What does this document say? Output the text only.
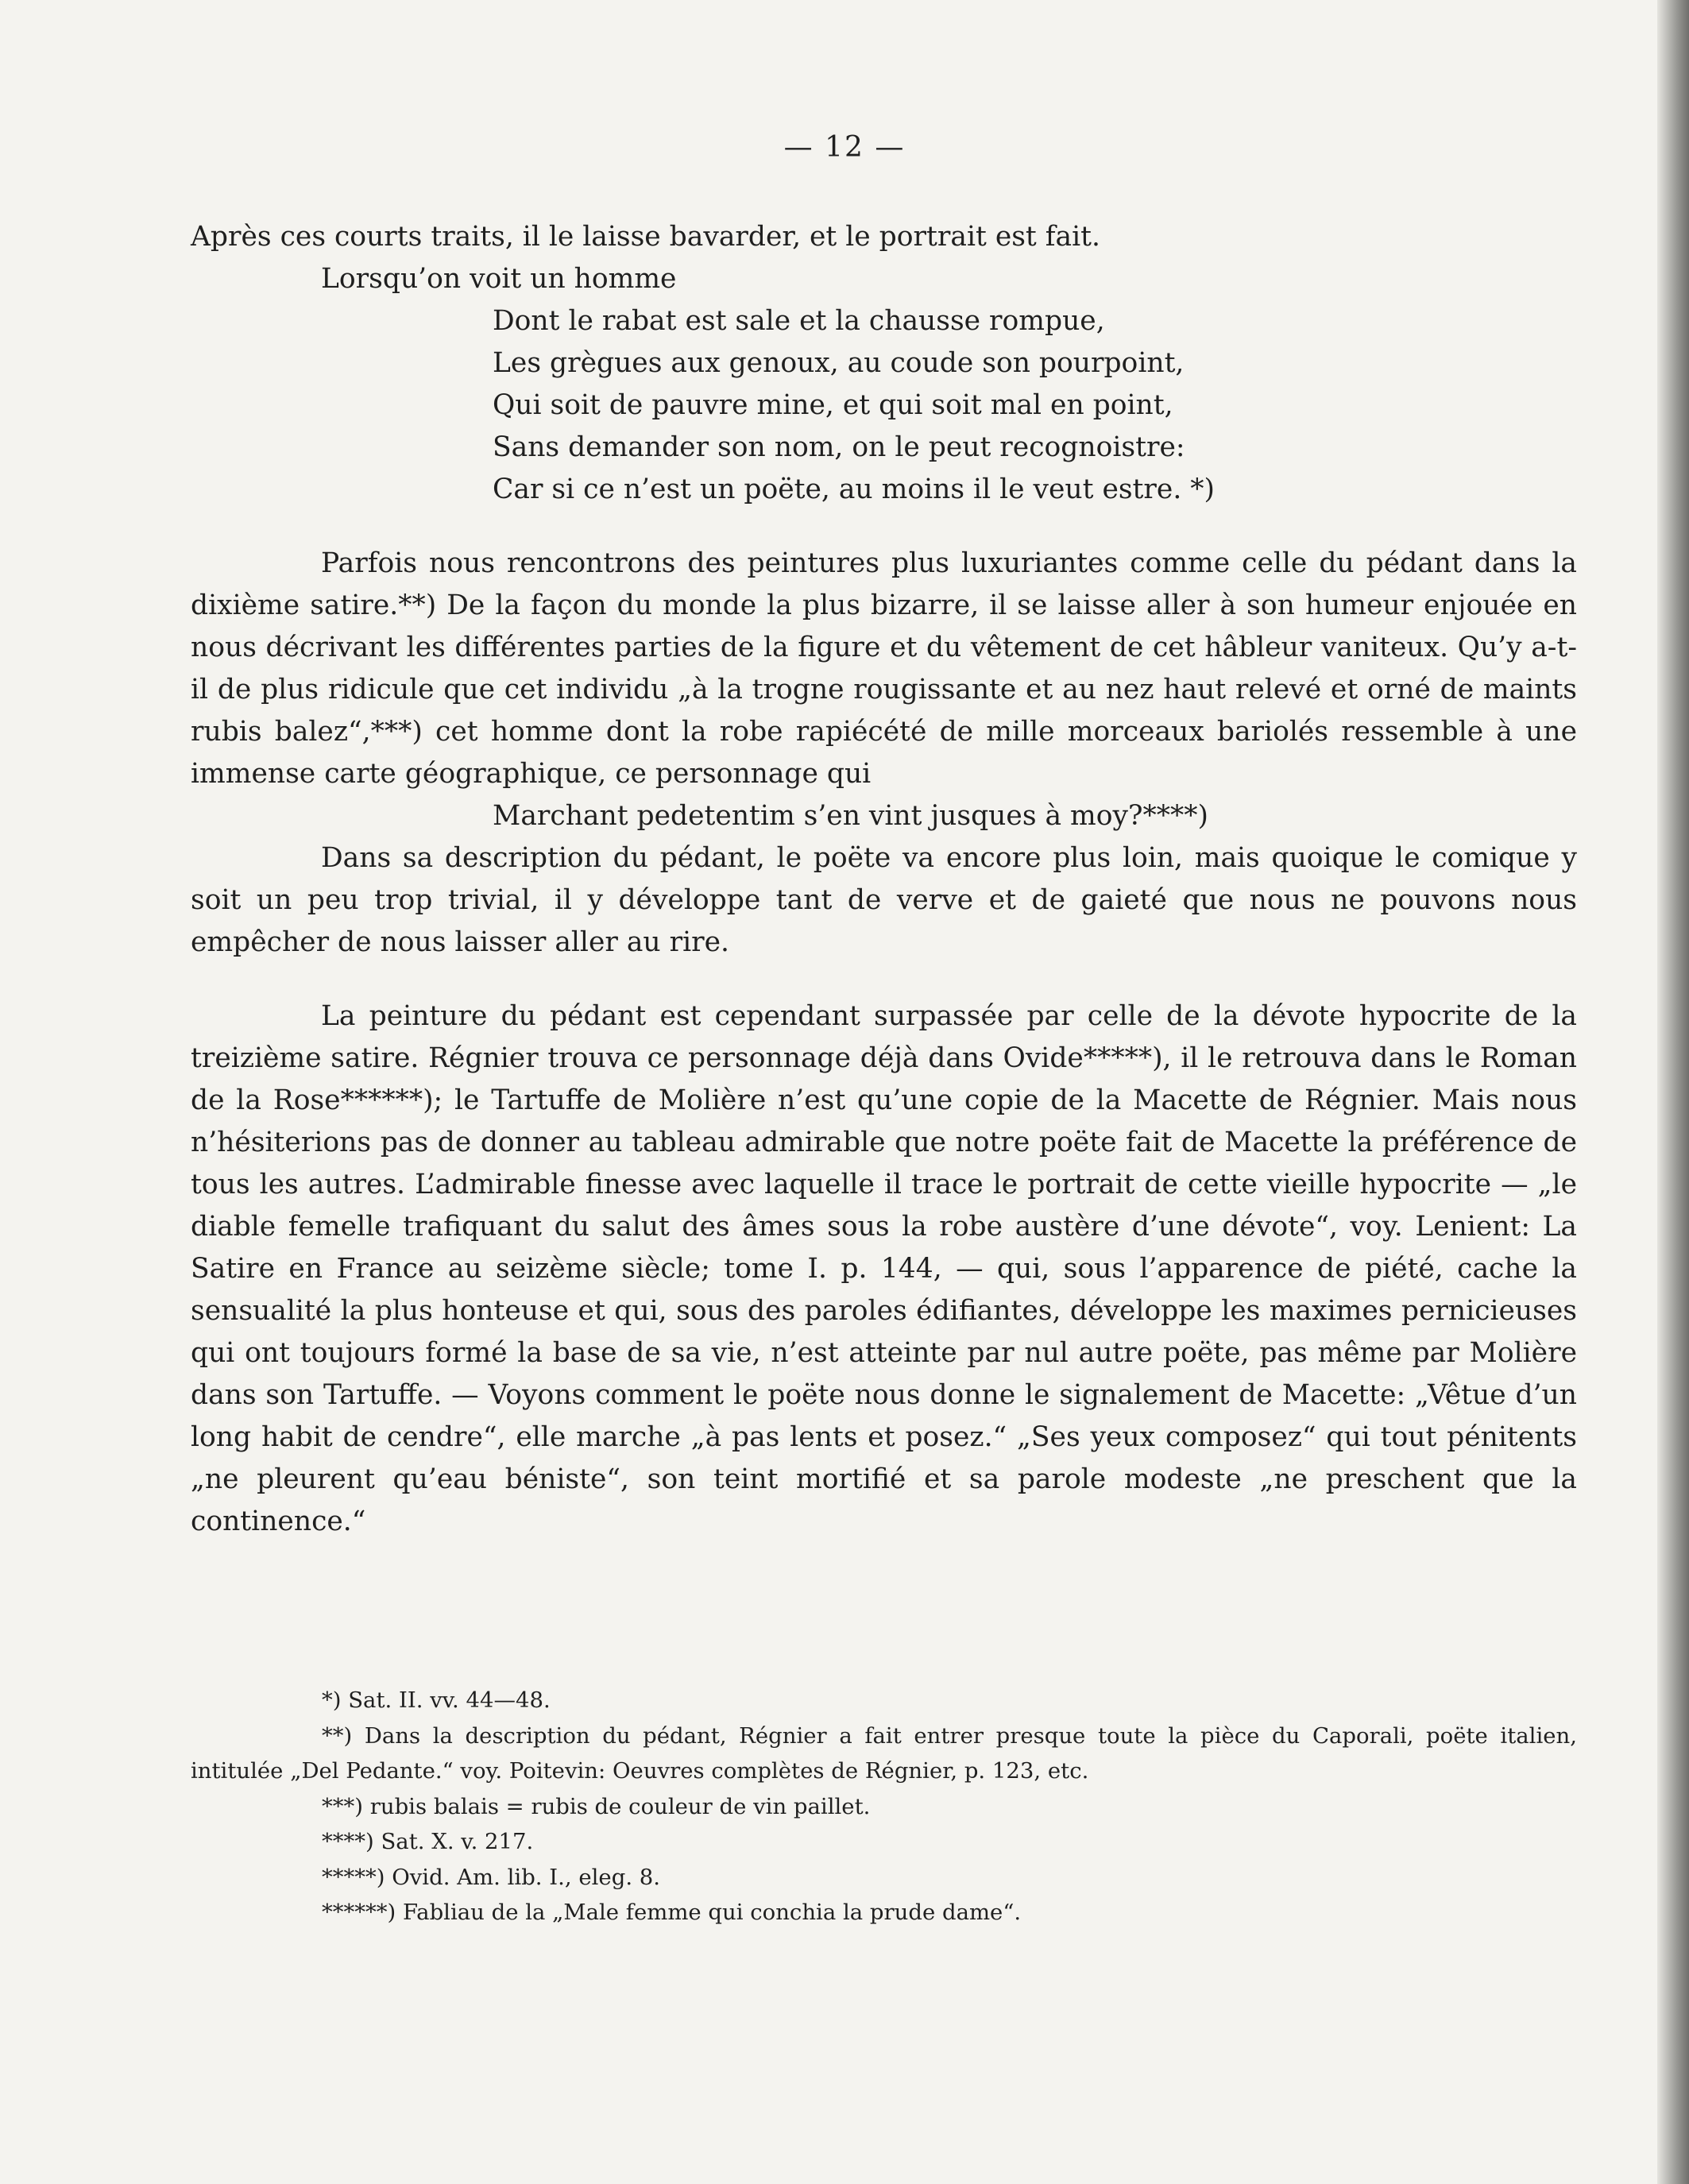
— 12 —

Après ces courts traits, il le laisse bavarder, et le portrait est fait.

Lorsqu’on voit un homme

Dont le rabat est sale et la chausse rompue,

Les grègues aux genoux, au coude son pourpoint,

Qui soit de pauvre mine, et qui soit mal en point,

Sans demander son nom, on le peut recognoistre:

Car si ce n’est un poëte, au moins il le veut estre. *)

Parfois nous rencontrons des peintures plus luxuriantes comme celle du pédant dans la dixième satire.**) De la façon du monde la plus bizarre, il se laisse aller à son humeur enjouée en nous décrivant les différentes parties de la figure et du vêtement de cet hâbleur vaniteux. Qu’y a-t-il de plus ridicule que cet individu „à la trogne rougissante et au nez haut relevé et orné de maints rubis balez“,***) cet homme dont la robe rapiécété de mille morceaux bariolés ressemble à une immense carte géographique, ce personnage qui

Marchant pedetentim s’en vint jusques à moy?****)

Dans sa description du pédant, le poëte va encore plus loin, mais quoique le comique y soit un peu trop trivial, il y développe tant de verve et de gaieté que nous ne pouvons nous empêcher de nous laisser aller au rire.

La peinture du pédant est cependant surpassée par celle de la dévote hypocrite de la treizième satire. Régnier trouva ce personnage déjà dans Ovide*****), il le retrouva dans le Roman de la Rose******); le Tartuffe de Molière n’est qu’une copie de la Macette de Régnier. Mais nous n’hésiterions pas de donner au tableau admirable que notre poëte fait de Macette la préférence de tous les autres. L’admirable finesse avec laquelle il trace le portrait de cette vieille hypocrite — „le diable femelle trafiquant du salut des âmes sous la robe austère d’une dévote“, voy. Lenient: La Satire en France au seizème siècle; tome I. p. 144, — qui, sous l’apparence de piété, cache la sensualité la plus honteuse et qui, sous des paroles édifiantes, développe les maximes pernicieuses qui ont toujours formé la base de sa vie, n’est atteinte par nul autre poëte, pas même par Molière dans son Tartuffe. — Voyons comment le poëte nous donne le signalement de Macette: „Vêtue d’un long habit de cendre“, elle marche „à pas lents et posez.“ „Ses yeux composez“ qui tout pénitents „ne pleurent qu’eau béniste“, son teint mortifié et sa parole modeste „ne preschent que la continence.“

*) Sat. II. vv. 44—48.

**) Dans la description du pédant, Régnier a fait entrer presque toute la pièce du Caporali, poëte italien, intitulée „Del Pedante.“ voy. Poitevin: Oeuvres complètes de Régnier, p. 123, etc.

***) rubis balais = rubis de couleur de vin paillet.

****) Sat. X. v. 217.

*****) Ovid. Am. lib. I., eleg. 8.

******) Fabliau de la „Male femme qui conchia la prude dame“.
